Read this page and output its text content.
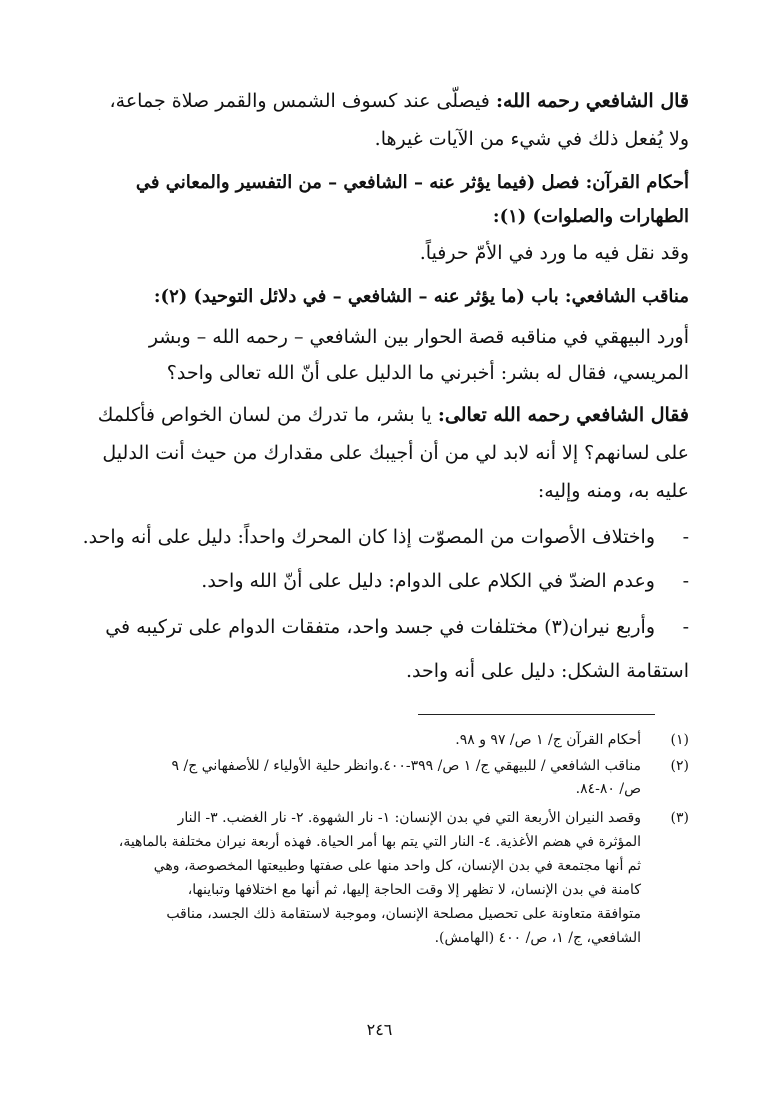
قال الشافعي رحمه الله: فيصلّى عند كسوف الشمس والقمر صلاة جماعة،
ولا يُفعل ذلك في شيء من الآيات غيرها.
أحكام القرآن: فصل (فيما يؤثر عنه – الشافعي – من التفسير والمعاني في
الطهارات والصلوات) (١):
وقد نقل فيه ما ورد في الأمّ حرفياً.
مناقب الشافعي: باب (ما يؤثر عنه – الشافعي – في دلائل التوحيد) (٢):
أورد البيهقي في مناقبه قصة الحوار بين الشافعي – رحمه الله – وبشر
المريسي، فقال له بشر: أخبرني ما الدليل على أنّ الله تعالى واحد؟
فقال الشافعي رحمه الله تعالى: يا بشر، ما تدرك من لسان الخواص فأكلمك
على لسانهم؟ إلا أنه لابد لي من أن أجيبك على مقدارك من حيث أنت الدليل
عليه به، ومنه وإليه:
-
واختلاف الأصوات من المصوّت إذا كان المحرك واحداً: دليل على أنه واحد.
-
وعدم الضدّ في الكلام على الدوام: دليل على أنّ الله واحد.
-
وأربع نيران(٣) مختلفات في جسد واحد، متفقات الدوام على تركيبه في
استقامة الشكل: دليل على أنه واحد.
(١)
أحكام القرآن ج/ ١ ص/ ٩٧ و ٩٨.
(٢)
مناقب الشافعي / للبيهقي ج/ ١ ص/ ٣٩٩-٤٠٠.وانظر حلية الأولياء / للأصفهاني ج/ ٩
ص/ ٨٠-٨٤.
(٣)
وقصد النيران الأربعة التي في بدن الإنسان: ١- نار الشهوة. ٢- نار الغضب. ٣- النار
المؤثرة في هضم الأغذية. ٤- النار التي يتم بها أمر الحياة. فهذه أربعة نيران مختلفة بالماهية،
ثم أنها مجتمعة في بدن الإنسان، كل واحد منها على صفتها وطبيعتها المخصوصة، وهي
كامنة في بدن الإنسان، لا تظهر إلا وقت الحاجة إليها، ثم أنها مع اختلافها وتباينها،
متوافقة متعاونة على تحصيل مصلحة الإنسان، وموجبة لاستقامة ذلك الجسد، مناقب
الشافعي، ج/ ١، ص/ ٤٠٠ (الهامش).
٢٤٦
